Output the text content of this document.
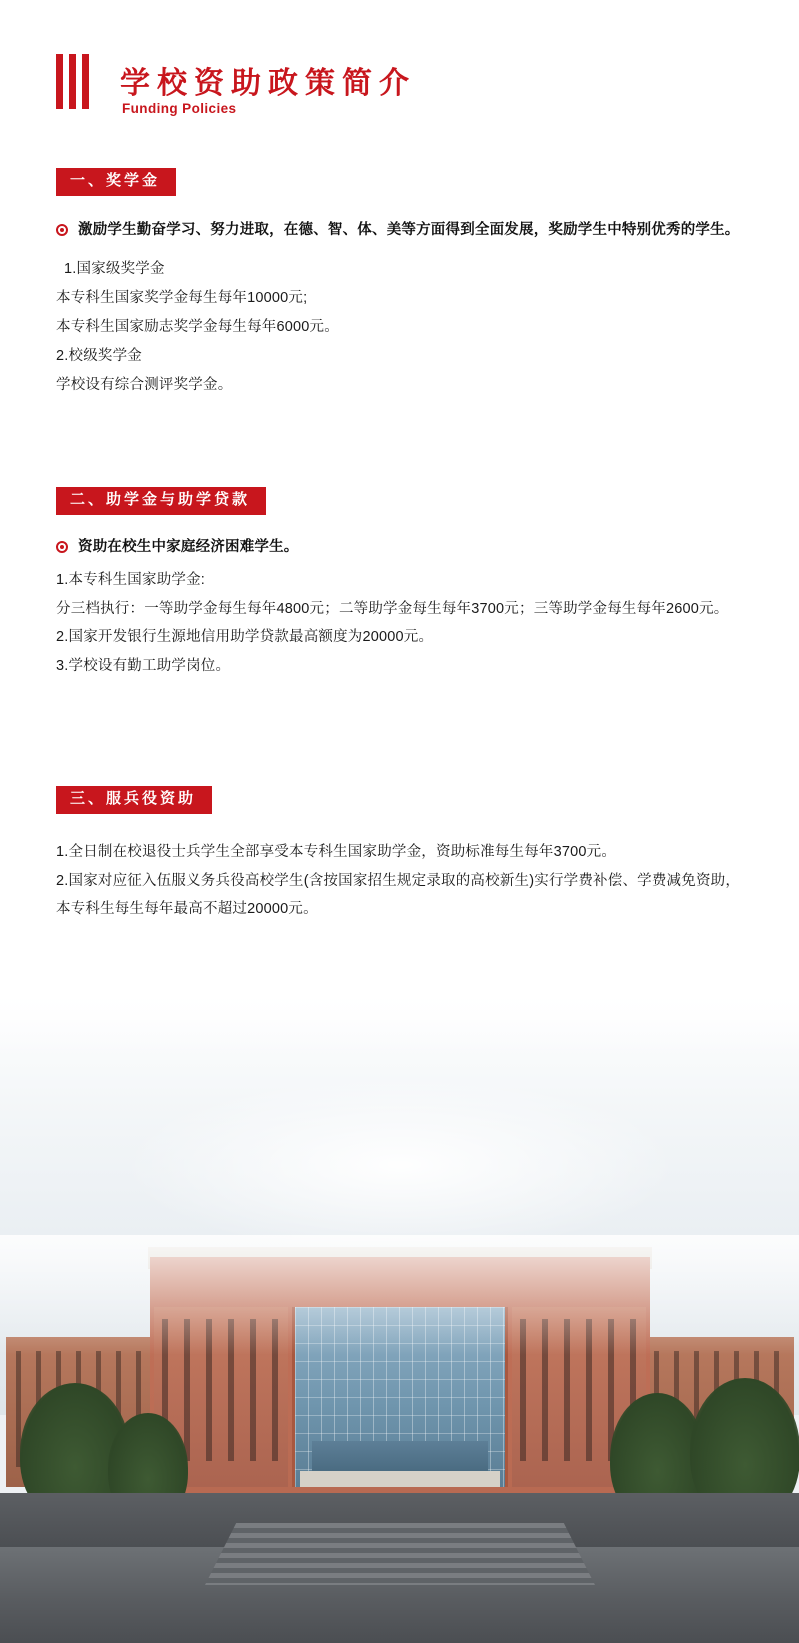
学校资助政策简介
Funding Policies
一、奖学金
激励学生勤奋学习、努力进取，在德、智、体、美等方面得到全面发展，奖励学生中特别优秀的学生。

1.国家级奖学金

本专科生国家奖学金每生每年10000元;

本专科生国家励志奖学金每生每年6000元。

2.校级奖学金

学校设有综合测评奖学金。

二、助学金与助学贷款
资助在校生中家庭经济困难学生。

1.本专科生国家助学金:

分三档执行：一等助学金每生每年4800元；二等助学金每生每年3700元；三等助学金每生每年2600元。

2.国家开发银行生源地信用助学贷款最高额度为20000元。

3.学校设有勤工助学岗位。

三、服兵役资助

1.全日制在校退役士兵学生全部享受本专科生国家助学金，资助标准每生每年3700元。

2.国家对应征入伍服义务兵役高校学生(含按国家招生规定录取的高校新生)实行学费补偿、学费减免资助，本专科生每生每年最高不超过20000元。
